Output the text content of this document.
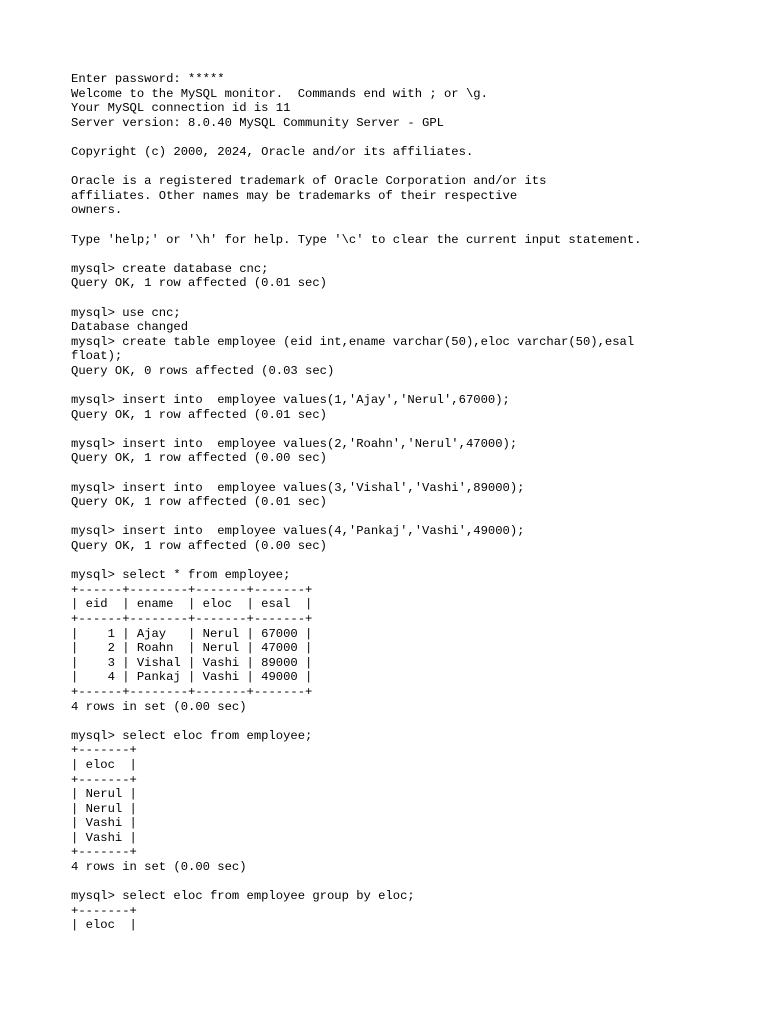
Enter password: *****
Welcome to the MySQL monitor.  Commands end with ; or \g.
Your MySQL connection id is 11
Server version: 8.0.40 MySQL Community Server - GPL
Copyright (c) 2000, 2024, Oracle and/or its affiliates.
Oracle is a registered trademark of Oracle Corporation and/or its
affiliates. Other names may be trademarks of their respective
owners.
Type 'help;' or '\h' for help. Type '\c' to clear the current input statement.
mysql> create database cnc;
Query OK, 1 row affected (0.01 sec)
mysql> use cnc;
Database changed
mysql> create table employee (eid int,ename varchar(50),eloc varchar(50),esal
float);
Query OK, 0 rows affected (0.03 sec)
mysql> insert into  employee values(1,'Ajay','Nerul',67000);
Query OK, 1 row affected (0.01 sec)
mysql> insert into  employee values(2,'Roahn','Nerul',47000);
Query OK, 1 row affected (0.00 sec)
mysql> insert into  employee values(3,'Vishal','Vashi',89000);
Query OK, 1 row affected (0.01 sec)
mysql> insert into  employee values(4,'Pankaj','Vashi',49000);
Query OK, 1 row affected (0.00 sec)
mysql> select * from employee;
+------+--------+-------+-------+
| eid  | ename  | eloc  | esal  |
+------+--------+-------+-------+
|    1 | Ajay   | Nerul | 67000 |
|    2 | Roahn  | Nerul | 47000 |
|    3 | Vishal | Vashi | 89000 |
|    4 | Pankaj | Vashi | 49000 |
+------+--------+-------+-------+
4 rows in set (0.00 sec)
mysql> select eloc from employee;
+-------+
| eloc  |
+-------+
| Nerul |
| Nerul |
| Vashi |
| Vashi |
+-------+
4 rows in set (0.00 sec)
mysql> select eloc from employee group by eloc;
+-------+
| eloc  |
